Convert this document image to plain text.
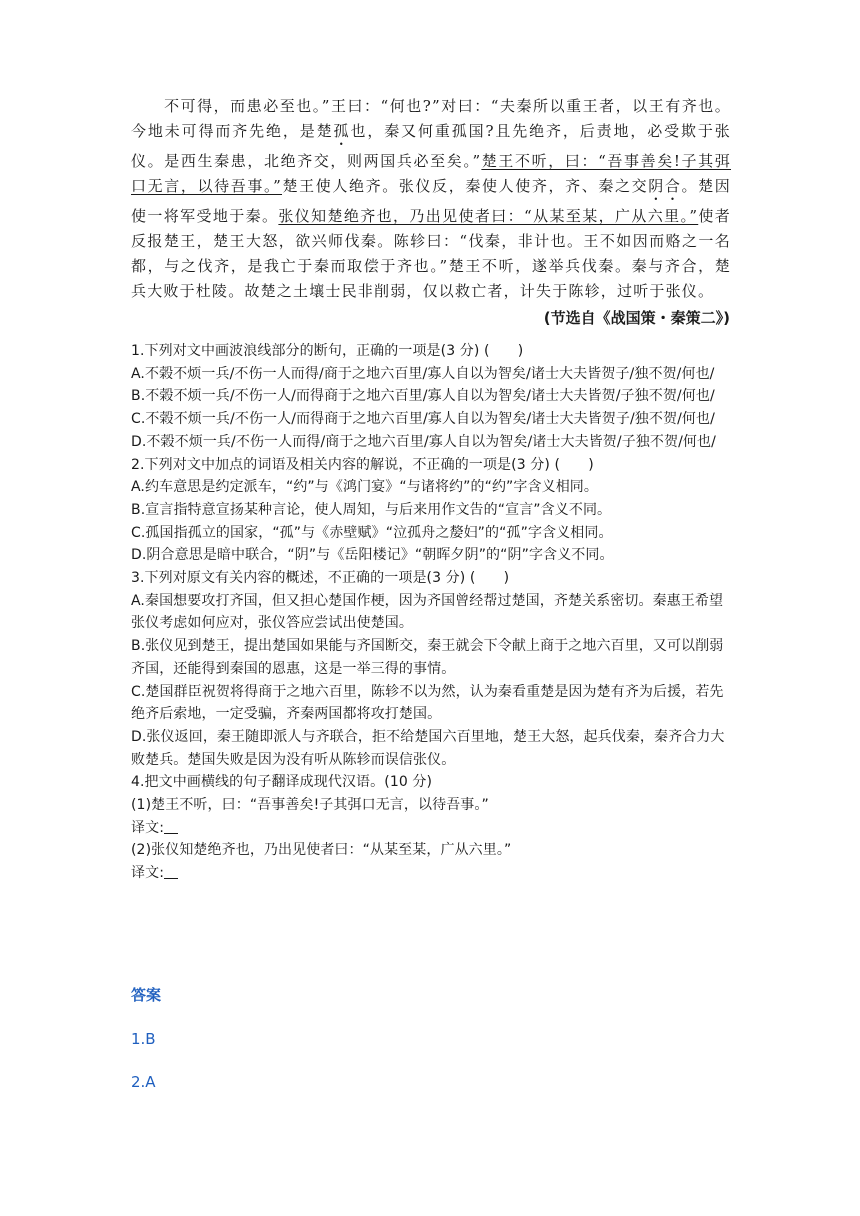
　　不可得，而患必至也。”王曰：“何也?”对曰：“夫秦所以重王者，以王有齐也。今地未可得而齐先绝，是楚孤也，秦又何重孤国?且先绝齐，后责地，必受欺于张仪。是西生秦患，北绝齐交，则两国兵必至矣。”楚王不听，曰：“吾事善矣!子其弭口无言，以待吾事。”楚王使人绝齐。张仪反，秦使人使齐，齐、秦之交阴合。楚因使一将军受地于秦。张仪知楚绝齐也，乃出见使者曰：“从某至某，广从六里。”使者反报楚王，楚王大怒，欲兴师伐秦。陈轸曰：“伐秦，非计也。王不如因而赂之一名都，与之伐齐，是我亡于秦而取偿于齐也。”楚王不听，遂举兵伐秦。秦与齐合，楚兵大败于杜陵。故楚之土壤士民非削弱，仅以救亡者，计失于陈轸，过听于张仪。

(节选自《战国策・秦策二》)

1.下列对文中画波浪线部分的断句，正确的一项是(3 分) (　　)

A.不榖不烦一兵/不伤一人而得/商于之地六百里/寡人自以为智矣/诸士大夫皆贺子/独不贺/何也/

B.不榖不烦一兵/不伤一人/而得商于之地六百里/寡人自以为智矣/诸士大夫皆贺/子独不贺/何也/

C.不榖不烦一兵/不伤一人/而得商于之地六百里/寡人自以为智矣/诸士大夫皆贺子/独不贺/何也/

D.不榖不烦一兵/不伤一人而得/商于之地六百里/寡人自以为智矣/诸士大夫皆贺/子独不贺/何也/

2.下列对文中加点的词语及相关内容的解说，不正确的一项是(3 分) (　　)

A.约车意思是约定派车，“约”与《鸿门宴》“与诸将约”的“约”字含义相同。

B.宣言指特意宣扬某种言论，使人周知，与后来用作文告的“宣言”含义不同。

C.孤国指孤立的国家，“孤”与《赤壁赋》“泣孤舟之嫠妇”的“孤”字含义相同。

D.阴合意思是暗中联合，“阴”与《岳阳楼记》“朝晖夕阴”的“阴”字含义不同。

3.下列对原文有关内容的概述，不正确的一项是(3 分) (　　)

A.秦国想要攻打齐国，但又担心楚国作梗，因为齐国曾经帮过楚国，齐楚关系密切。秦惠王希望张仪考虑如何应对，张仪答应尝试出使楚国。

B.张仪见到楚王，提出楚国如果能与齐国断交，秦王就会下令献上商于之地六百里，又可以削弱齐国，还能得到秦国的恩惠，这是一举三得的事情。

C.楚国群臣祝贺将得商于之地六百里，陈轸不以为然，认为秦看重楚是因为楚有齐为后援，若先绝齐后索地，一定受骗，齐秦两国都将攻打楚国。

D.张仪返回，秦王随即派人与齐联合，拒不给楚国六百里地，楚王大怒，起兵伐秦，秦齐合力大败楚兵。楚国失败是因为没有听从陈轸而误信张仪。

4.把文中画横线的句子翻译成现代汉语。(10 分)

(1)楚王不听，曰：“吾事善矣!子其弭口无言，以待吾事。”

译文:

(2)张仪知楚绝齐也，乃出见使者曰：“从某至某，广从六里。”

译文:

答案
1.B
2.A
